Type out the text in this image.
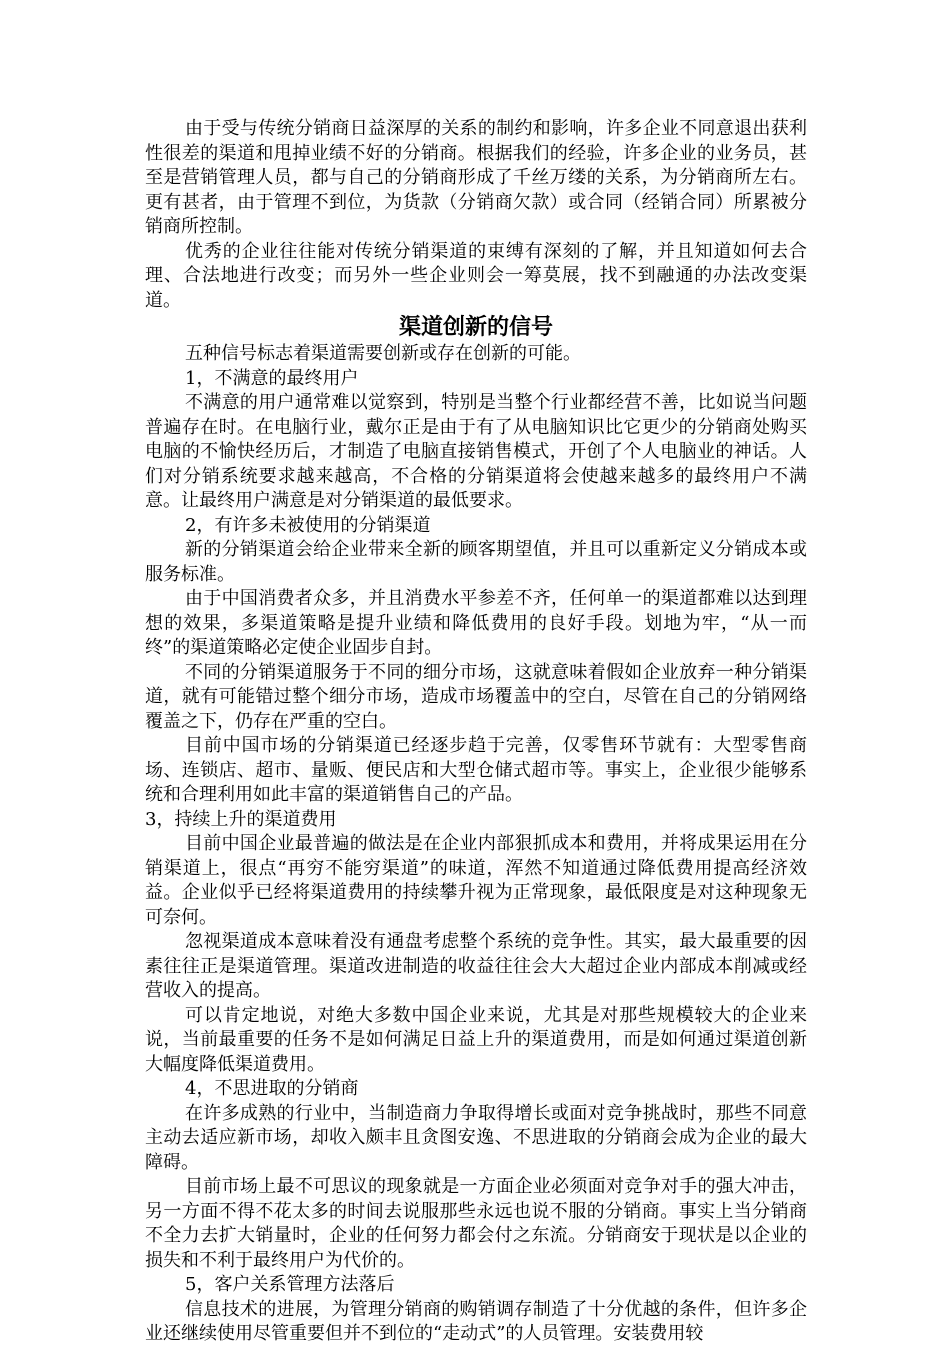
由于受与传统分销商日益深厚的关系的制约和影响，许多企业不同意退出获利性很差的渠道和甩掉业绩不好的分销商。根据我们的经验，许多企业的业务员，甚至是营销管理人员，都与自己的分销商形成了千丝万缕的关系，为分销商所左右。更有甚者，由于管理不到位，为货款（分销商欠款）或合同（经销合同）所累被分销商所控制。

优秀的企业往往能对传统分销渠道的束缚有深刻的了解，并且知道如何去合理、合法地进行改变；而另外一些企业则会一筹莫展，找不到融通的办法改变渠道。

渠道创新的信号

五种信号标志着渠道需要创新或存在创新的可能。

1，不满意的最终用户

不满意的用户通常难以觉察到，特别是当整个行业都经营不善，比如说当问题普遍存在时。在电脑行业，戴尔正是由于有了从电脑知识比它更少的分销商处购买电脑的不愉快经历后，才制造了电脑直接销售模式，开创了个人电脑业的神话。人们对分销系统要求越来越高，不合格的分销渠道将会使越来越多的最终用户不满意。让最终用户满意是对分销渠道的最低要求。

2，有许多未被使用的分销渠道

新的分销渠道会给企业带来全新的顾客期望值，并且可以重新定义分销成本或服务标准。

由于中国消费者众多，并且消费水平参差不齐，任何单一的渠道都难以达到理想的效果，多渠道策略是提升业绩和降低费用的良好手段。划地为牢，“从一而终”的渠道策略必定使企业固步自封。

不同的分销渠道服务于不同的细分市场，这就意味着假如企业放弃一种分销渠道，就有可能错过整个细分市场，造成市场覆盖中的空白，尽管在自己的分销网络覆盖之下，仍存在严重的空白。

目前中国市场的分销渠道已经逐步趋于完善，仅零售环节就有：大型零售商场、连锁店、超市、量贩、便民店和大型仓储式超市等。事实上，企业很少能够系统和合理利用如此丰富的渠道销售自己的产品。

3，持续上升的渠道费用

目前中国企业最普遍的做法是在企业内部狠抓成本和费用，并将成果运用在分销渠道上，很点“再穷不能穷渠道”的味道，浑然不知道通过降低费用提高经济效益。企业似乎已经将渠道费用的持续攀升视为正常现象，最低限度是对这种现象无可奈何。

忽视渠道成本意味着没有通盘考虑整个系统的竞争性。其实，最大最重要的因素往往正是渠道管理。渠道改进制造的收益往往会大大超过企业内部成本削减或经营收入的提高。

可以肯定地说，对绝大多数中国企业来说，尤其是对那些规模较大的企业来说，当前最重要的任务不是如何满足日益上升的渠道费用，而是如何通过渠道创新大幅度降低渠道费用。

4，不思进取的分销商

在许多成熟的行业中，当制造商力争取得增长或面对竞争挑战时，那些不同意主动去适应新市场，却收入颇丰且贪图安逸、不思进取的分销商会成为企业的最大障碍。

目前市场上最不可思议的现象就是一方面企业必须面对竞争对手的强大冲击，另一方面不得不花太多的时间去说服那些永远也说不服的分销商。事实上当分销商不全力去扩大销量时，企业的任何努力都会付之东流。分销商安于现状是以企业的损失和不利于最终用户为代价的。

5，客户关系管理方法落后

信息技术的进展，为管理分销商的购销调存制造了十分优越的条件，但许多企业还继续使用尽管重要但并不到位的“走动式”的人员管理。安装费用较
